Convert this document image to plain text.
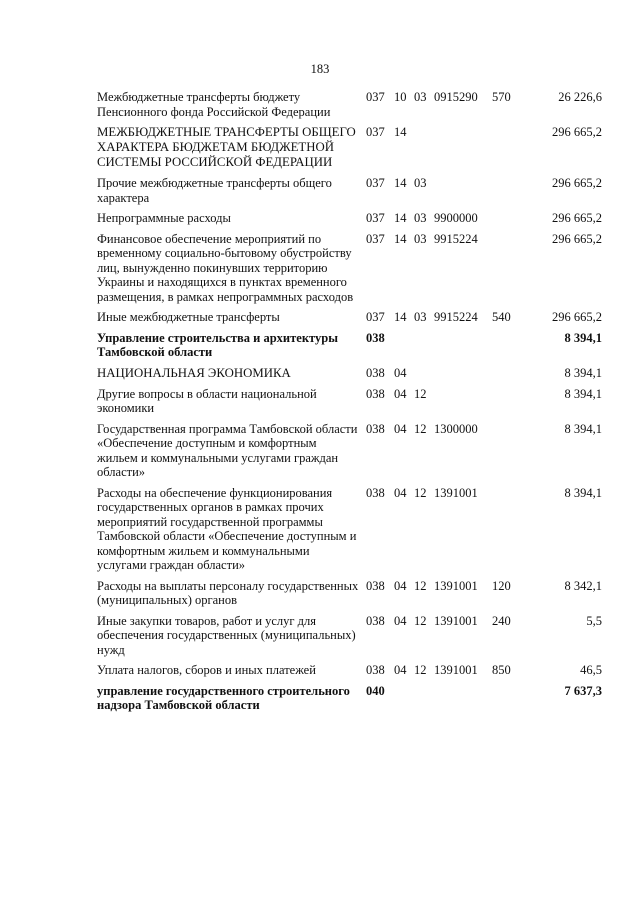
183
Межбюджетные трансферты бюджету Пенсионного фонда Российской Федерации	037	10	03	0915290	570	26 226,6
МЕЖБЮДЖЕТНЫЕ ТРАНСФЕРТЫ ОБЩЕГО ХАРАКТЕРА БЮДЖЕТАМ БЮДЖЕТНОЙ СИСТЕМЫ РОССИЙСКОЙ ФЕДЕРАЦИИ	037	14				296 665,2
Прочие межбюджетные трансферты общего характера	037	14	03			296 665,2
Непрограммные расходы	037	14	03	9900000		296 665,2
Финансовое обеспечение мероприятий по временному социально-бытовому обустройству лиц, вынужденно покинувших территорию Украины и находящихся в пунктах временного размещения, в рамках непрограммных расходов	037	14	03	9915224		296 665,2
Иные межбюджетные трансферты	037	14	03	9915224	540	296 665,2
Управление строительства и архитектуры Тамбовской области	038					8 394,1
НАЦИОНАЛЬНАЯ ЭКОНОМИКА	038	04				8 394,1
Другие вопросы в области национальной экономики	038	04	12			8 394,1
Государственная программа Тамбовской области «Обеспечение доступным и комфортным жильем и коммунальными услугами граждан области»	038	04	12	1300000		8 394,1
Расходы на обеспечение функционирования государственных органов в рамках прочих мероприятий государственной программы Тамбовской области «Обеспечение доступным и комфортным жильем и коммунальными услугами граждан области»	038	04	12	1391001		8 394,1
Расходы на выплаты персоналу государственных (муниципальных) органов	038	04	12	1391001	120	8 342,1
Иные закупки товаров, работ и услуг для обеспечения государственных (муниципальных) нужд	038	04	12	1391001	240	5,5
Уплата налогов, сборов и иных платежей	038	04	12	1391001	850	46,5
управление государственного строительного надзора Тамбовской области	040					7 637,3
